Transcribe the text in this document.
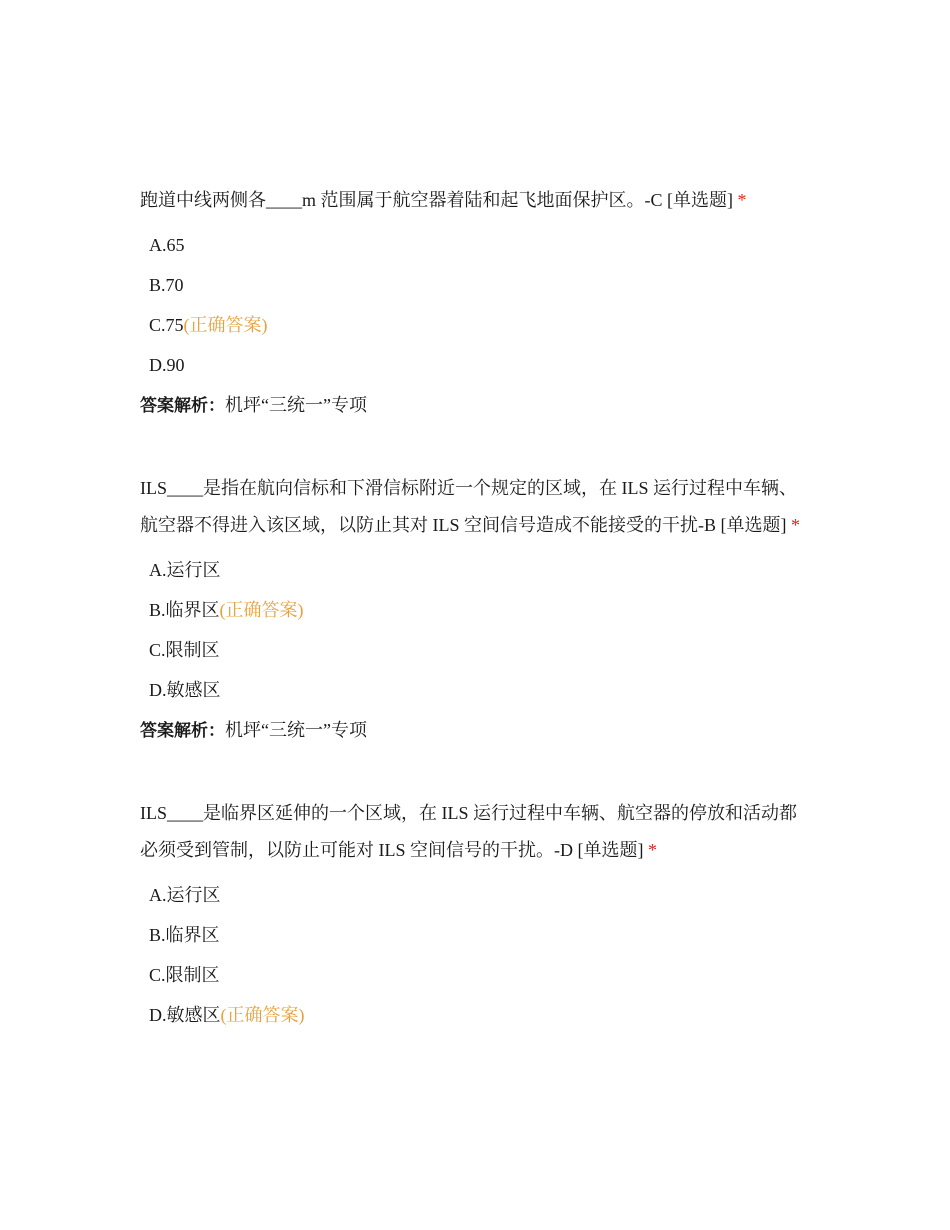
跑道中线两侧各____m 范围属于航空器着陆和起飞地面保护区。-C [单选题] *

A.65
B.70
C.75(正确答案)
D.90

答案解析：机坪“三统一”专项

ILS____是指在航向信标和下滑信标附近一个规定的区域，在 ILS 运行过程中车辆、航空器不得进入该区域，以防止其对 ILS 空间信号造成不能接受的干扰-B [单选题] *

A.运行区
B.临界区(正确答案)
C.限制区
D.敏感区

答案解析：机坪“三统一”专项

ILS____是临界区延伸的一个区域，在 ILS 运行过程中车辆、航空器的停放和活动都必须受到管制，以防止可能对 ILS 空间信号的干扰。-D [单选题] *

A.运行区
B.临界区
C.限制区
D.敏感区(正确答案)
